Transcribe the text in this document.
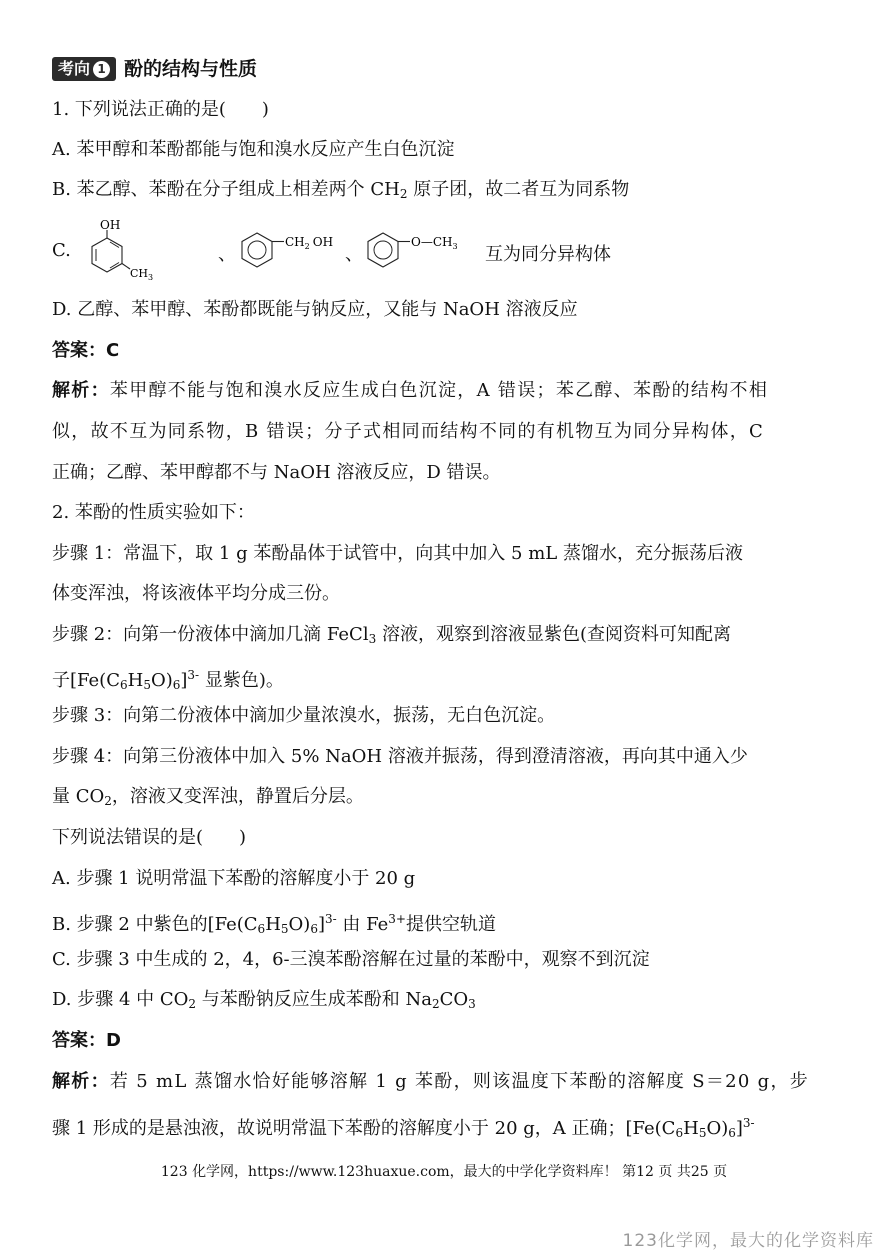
考向 1 酚的结构与性质
1. 下列说法正确的是(　　)
A. 苯甲醇和苯酚都能与饱和溴水反应产生白色沉淀
B. 苯乙醇、苯酚在分子组成上相差两个 $CH_2$ 原子团，故二者互为同系物
C.
OH
$CH_3$
、
$CH_2$ OH
、
$O—CH_3$ 互为同分异构体
D. 乙醇、苯甲醇、苯酚都既能与钠反应，又能与 NaOH 溶液反应
答案：C
解析：苯甲醇不能与饱和溴水反应生成白色沉淀，A 错误；苯乙醇、苯酚的结构不相
似，故不互为同系物，B 错误；分子式相同而结构不同的有机物互为同分异构体，C
正确；乙醇、苯甲醇都不与 NaOH 溶液反应，D 错误。
2. 苯酚的性质实验如下：
步骤 1：常温下，取 1 g 苯酚晶体于试管中，向其中加入 5 mL 蒸馏水，充分振荡后液
体变浑浊，将该液体平均分成三份。
步骤 2：向第一份液体中滴加几滴 FeCl$_3$ 溶液，观察到溶液显紫色(查阅资料可知配离
子$[Fe(C_6H_5O)_6]^{3-}$ 显紫色)。
步骤 3：向第二份液体中滴加少量浓溴水，振荡，无白色沉淀。
步骤 4：向第三份液体中加入 5% NaOH 溶液并振荡，得到澄清溶液，再向其中通入少
量 $CO_2$，溶液又变浑浊，静置后分层。
下列说法错误的是(　　)
A. 步骤 1 说明常温下苯酚的溶解度小于 20 g
B. 步骤 2 中紫色的$[Fe(C_6H_5O)_6]^{3-}$ 由 $Fe^{3+}$提供空轨道
C. 步骤 3 中生成的 2，4，6-三溴苯酚溶解在过量的苯酚中，观察不到沉淀
D. 步骤 4 中 $CO_2$ 与苯酚钠反应生成苯酚和 $Na_2CO_3$
答案：D
解析：若 5 mL 蒸馏水恰好能够溶解 1 g 苯酚，则该温度下苯酚的溶解度 S＝20 g，步
骤 1 形成的是悬浊液，故说明常温下苯酚的溶解度小于 20 g，A 正确；$[Fe(C_6H_5O)_6]^{3-}$
123 化学网，https://www.123huaxue.com，最大的中学化学资料库！ 第12 页 共25 页
123化学网，最大的化学资料库
